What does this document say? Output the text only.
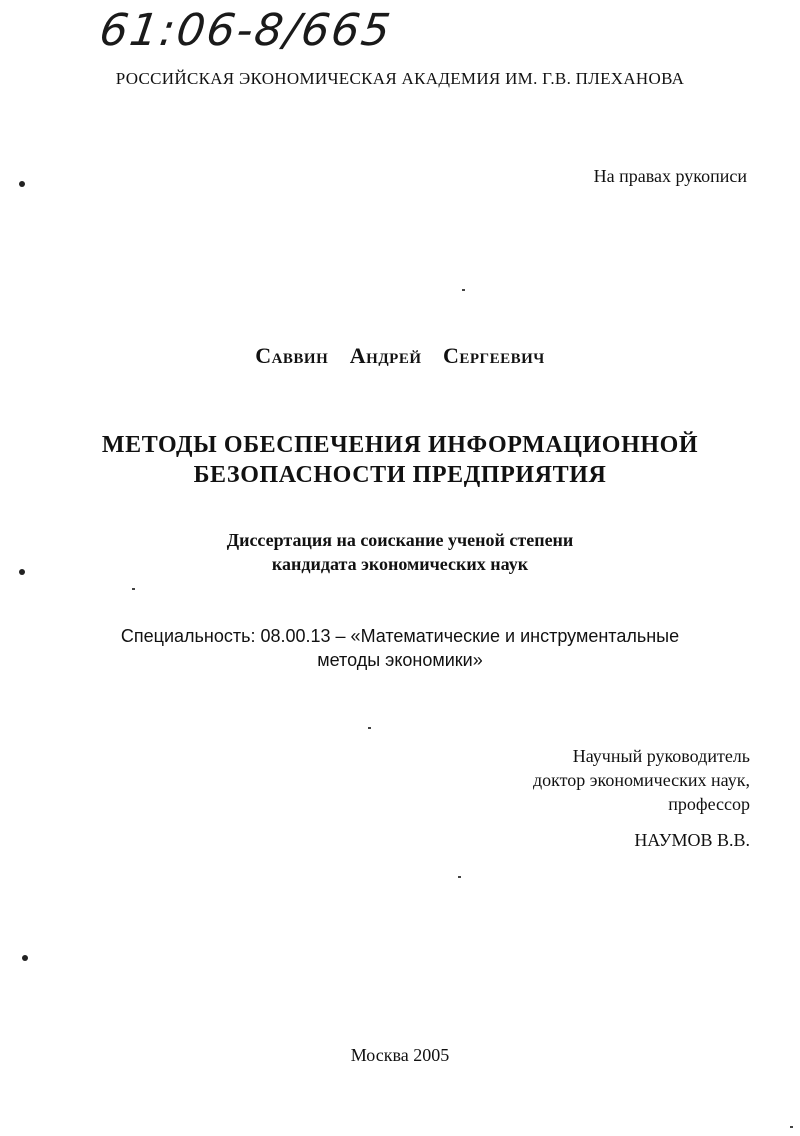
61:06-8/665
РОССИЙСКАЯ ЭКОНОМИЧЕСКАЯ АКАДЕМИЯ ИМ. Г.В. ПЛЕХАНОВА
На правах рукописи
Саввин Андрей Сергеевич
МЕТОДЫ ОБЕСПЕЧЕНИЯ ИНФОРМАЦИОННОЙ
БЕЗОПАСНОСТИ ПРЕДПРИЯТИЯ
Диссертация на соискание ученой степени
кандидата экономических наук
Специальность: 08.00.13 – «Математические и инструментальные
методы экономики»
Научный руководитель
доктор экономических наук,
профессор
НАУМОВ В.В.
Москва 2005
